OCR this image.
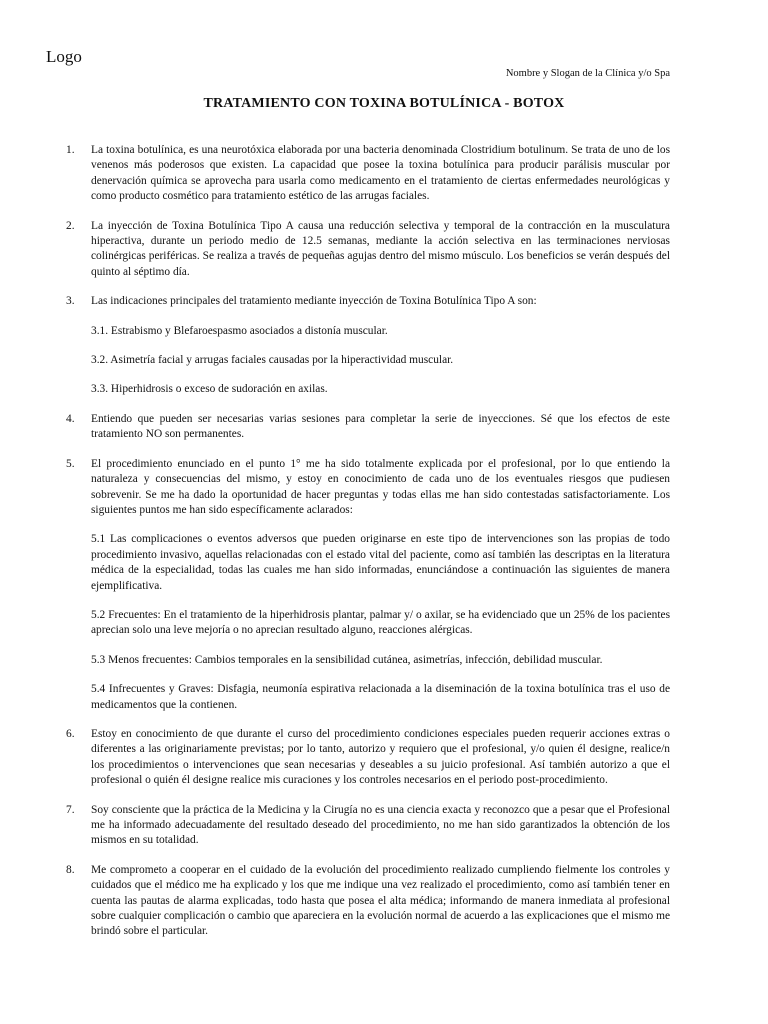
Logo
Nombre y Slogan de la Clínica y/o Spa
TRATAMIENTO CON TOXINA BOTULÍNICA - BOTOX
1. La toxina botulínica, es una neurotóxica elaborada por una bacteria denominada Clostridium botulinum. Se trata de uno de los venenos más poderosos que existen. La capacidad que posee la toxina botulínica para producir parálisis muscular por denervación química se aprovecha para usarla como medicamento en el tratamiento de ciertas enfermedades neurológicas y como producto cosmético para tratamiento estético de las arrugas faciales.
2. La inyección de Toxina Botulínica Tipo A causa una reducción selectiva y temporal de la contracción en la musculatura hiperactiva, durante un periodo medio de 12.5 semanas, mediante la acción selectiva en las terminaciones nerviosas colinérgicas periféricas. Se realiza a través de pequeñas agujas dentro del mismo músculo. Los beneficios se verán después del quinto al séptimo día.
3. Las indicaciones principales del tratamiento mediante inyección de Toxina Botulínica Tipo A son:
3.1. Estrabismo y Blefaroespasmo asociados a distonía muscular.
3.2. Asimetría facial y arrugas faciales causadas por la hiperactividad muscular.
3.3. Hiperhidrosis o exceso de sudoración en axilas.
4. Entiendo que pueden ser necesarias varias sesiones para completar la serie de inyecciones. Sé que los efectos de este tratamiento NO son permanentes.
5. El procedimiento enunciado en el punto 1° me ha sido totalmente explicada por el profesional, por lo que entiendo la naturaleza y consecuencias del mismo, y estoy en conocimiento de cada uno de los eventuales riesgos que pudiesen sobrevenir. Se me ha dado la oportunidad de hacer preguntas y todas ellas me han sido contestadas satisfactoriamente. Los siguientes puntos me han sido específicamente aclarados:
5.1 Las complicaciones o eventos adversos que pueden originarse en este tipo de intervenciones son las propias de todo procedimiento invasivo, aquellas relacionadas con el estado vital del paciente, como así también las descriptas en la literatura médica de la especialidad, todas las cuales me han sido informadas, enunciándose a continuación las siguientes de manera ejemplificativa.
5.2 Frecuentes: En el tratamiento de la hiperhidrosis plantar, palmar y/ o axilar, se ha evidenciado que un 25% de los pacientes aprecian solo una leve mejoría o no aprecian resultado alguno, reacciones alérgicas.
5.3 Menos frecuentes: Cambios temporales en la sensibilidad cutánea, asimetrías, infección, debilidad muscular.
5.4 Infrecuentes y Graves: Disfagia, neumonía espirativa relacionada a la diseminación de la toxina botulínica tras el uso de medicamentos que la contienen.
6. Estoy en conocimiento de que durante el curso del procedimiento condiciones especiales pueden requerir acciones extras o diferentes a las originariamente previstas; por lo tanto, autorizo y requiero que el profesional, y/o quien él designe, realice/n los procedimientos o intervenciones que sean necesarias y deseables a su juicio profesional. Así también autorizo a que el profesional o quién él designe realice mis curaciones y los controles necesarios en el periodo post-procedimiento.
7. Soy consciente que la práctica de la Medicina y la Cirugía no es una ciencia exacta y reconozco que a pesar que el Profesional me ha informado adecuadamente del resultado deseado del procedimiento, no me han sido garantizados la obtención de los mismos en su totalidad.
8. Me comprometo a cooperar en el cuidado de la evolución del procedimiento realizado cumpliendo fielmente los controles y cuidados que el médico me ha explicado y los que me indique una vez realizado el procedimiento, como así también tener en cuenta las pautas de alarma explicadas, todo hasta que posea el alta médica; informando de manera inmediata al profesional sobre cualquier complicación o cambio que apareciera en la evolución normal de acuerdo a las explicaciones que el mismo me brindó sobre el particular.
